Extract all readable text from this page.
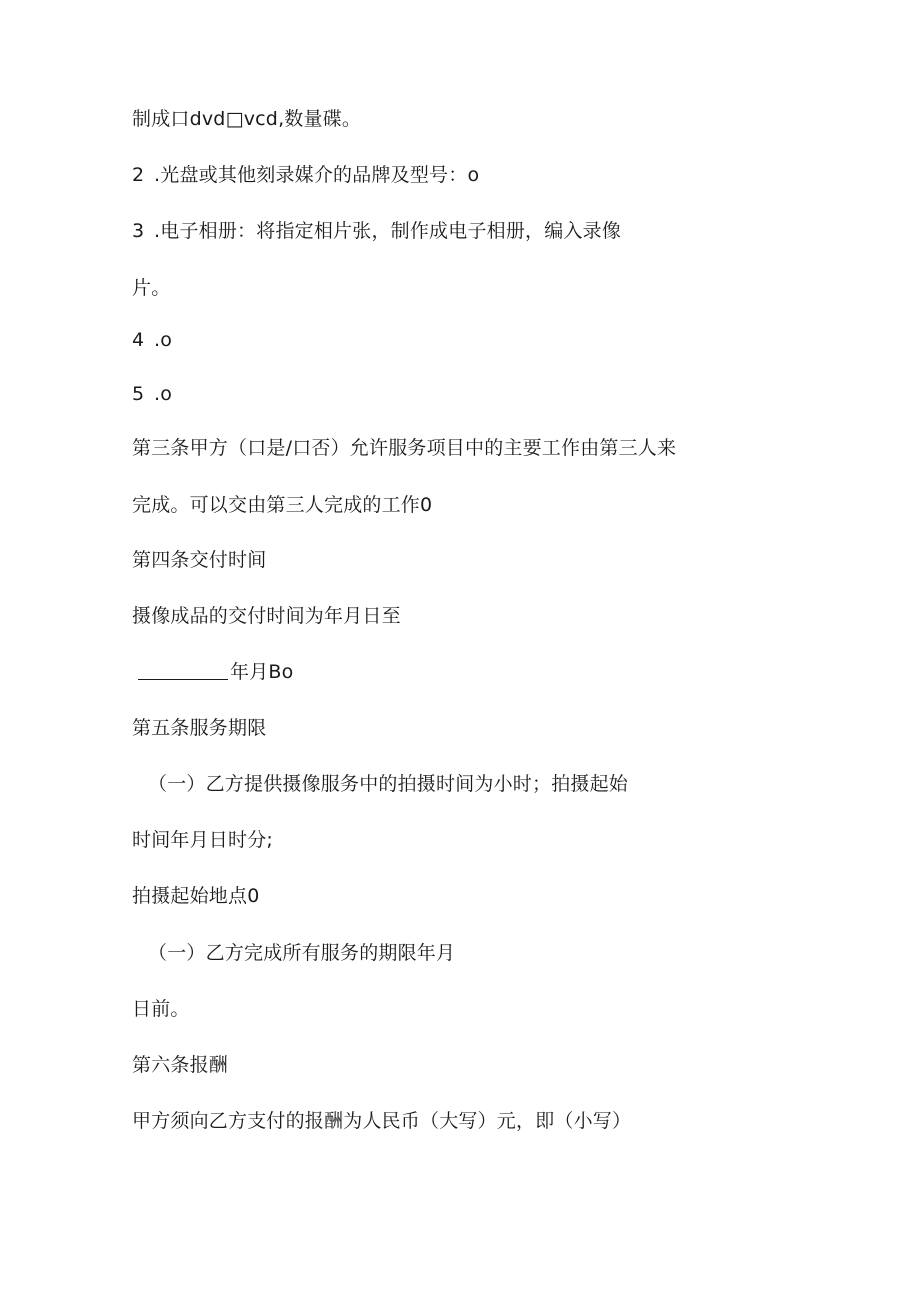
制成口dvd□vcd,数量碟。
2 .光盘或其他刻录媒介的品牌及型号：o
3 .电子相册：将指定相片张，制作成电子相册，编入录像
片。
4 .o
5 .o
第三条甲方（口是/口否）允许服务项目中的主要工作由第三人来
完成。可以交由第三人完成的工作0
第四条交付时间
摄像成品的交付时间为年月日至
年月Bo
第五条服务期限
（一）乙方提供摄像服务中的拍摄时间为小时；拍摄起始
时间年月日时分;
拍摄起始地点0
（一）乙方完成所有服务的期限年月
日前。
第六条报酬
甲方须向乙方支付的报酬为人民币（大写）元，即（小写）
